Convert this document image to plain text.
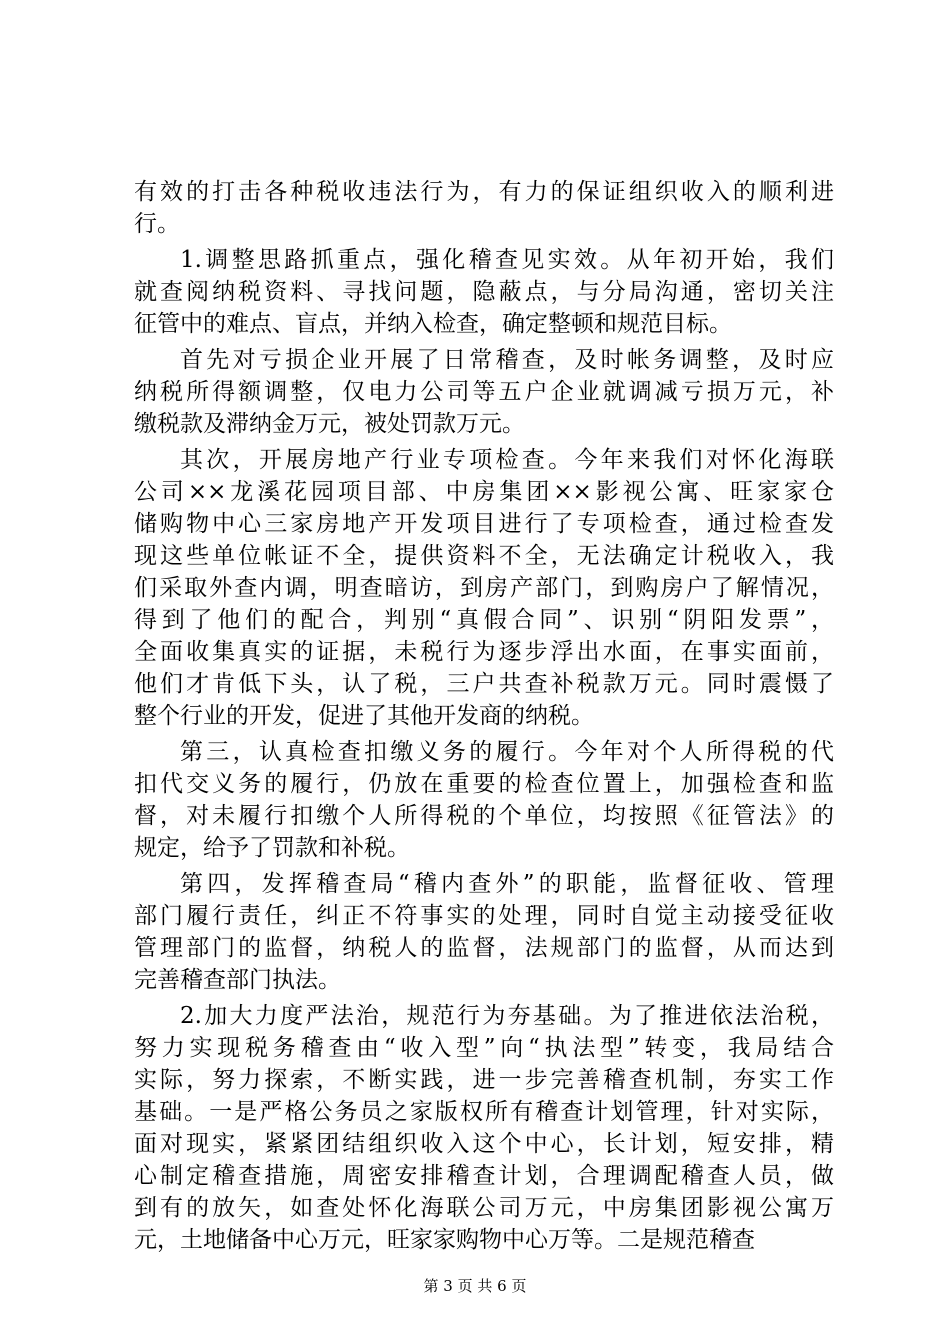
有效的打击各种税收违法行为，有力的保证组织收入的顺利进
行。
1.调整思路抓重点，强化稽查见实效。从年初开始，我们
就查阅纳税资料、寻找问题，隐蔽点，与分局沟通，密切关注
征管中的难点、盲点，并纳入检查，确定整顿和规范目标。
首先对亏损企业开展了日常稽查，及时帐务调整，及时应
纳税所得额调整，仅电力公司等五户企业就调减亏损万元，补
缴税款及滞纳金万元，被处罚款万元。
其次，开展房地产行业专项检查。今年来我们对怀化海联
公司××龙溪花园项目部、中房集团××影视公寓、旺家家仓
储购物中心三家房地产开发项目进行了专项检查，通过检查发
现这些单位帐证不全，提供资料不全，无法确定计税收入，我
们采取外查内调，明查暗访，到房产部门，到购房户了解情况，
得到了他们的配合，判别“真假合同”、识别“阴阳发票”，
全面收集真实的证据，未税行为逐步浮出水面，在事实面前，
他们才肯低下头，认了税，三户共查补税款万元。同时震慑了
整个行业的开发，促进了其他开发商的纳税。
第三，认真检查扣缴义务的履行。今年对个人所得税的代
扣代交义务的履行，仍放在重要的检查位置上，加强检查和监
督，对未履行扣缴个人所得税的个单位，均按照《征管法》的
规定，给予了罚款和补税。
第四，发挥稽查局“稽内查外”的职能，监督征收、管理
部门履行责任，纠正不符事实的处理，同时自觉主动接受征收
管理部门的监督，纳税人的监督，法规部门的监督，从而达到
完善稽查部门执法。
2.加大力度严法治，规范行为夯基础。为了推进依法治税，
努力实现税务稽查由“收入型”向“执法型”转变，我局结合
实际，努力探索，不断实践，进一步完善稽查机制，夯实工作
基础。一是严格公务员之家版权所有稽查计划管理，针对实际，
面对现实，紧紧团结组织收入这个中心，长计划，短安排，精
心制定稽查措施，周密安排稽查计划，合理调配稽查人员，做
到有的放矢，如查处怀化海联公司万元，中房集团影视公寓万
元，土地储备中心万元，旺家家购物中心万等。二是规范稽查
第 3 页 共 6 页
